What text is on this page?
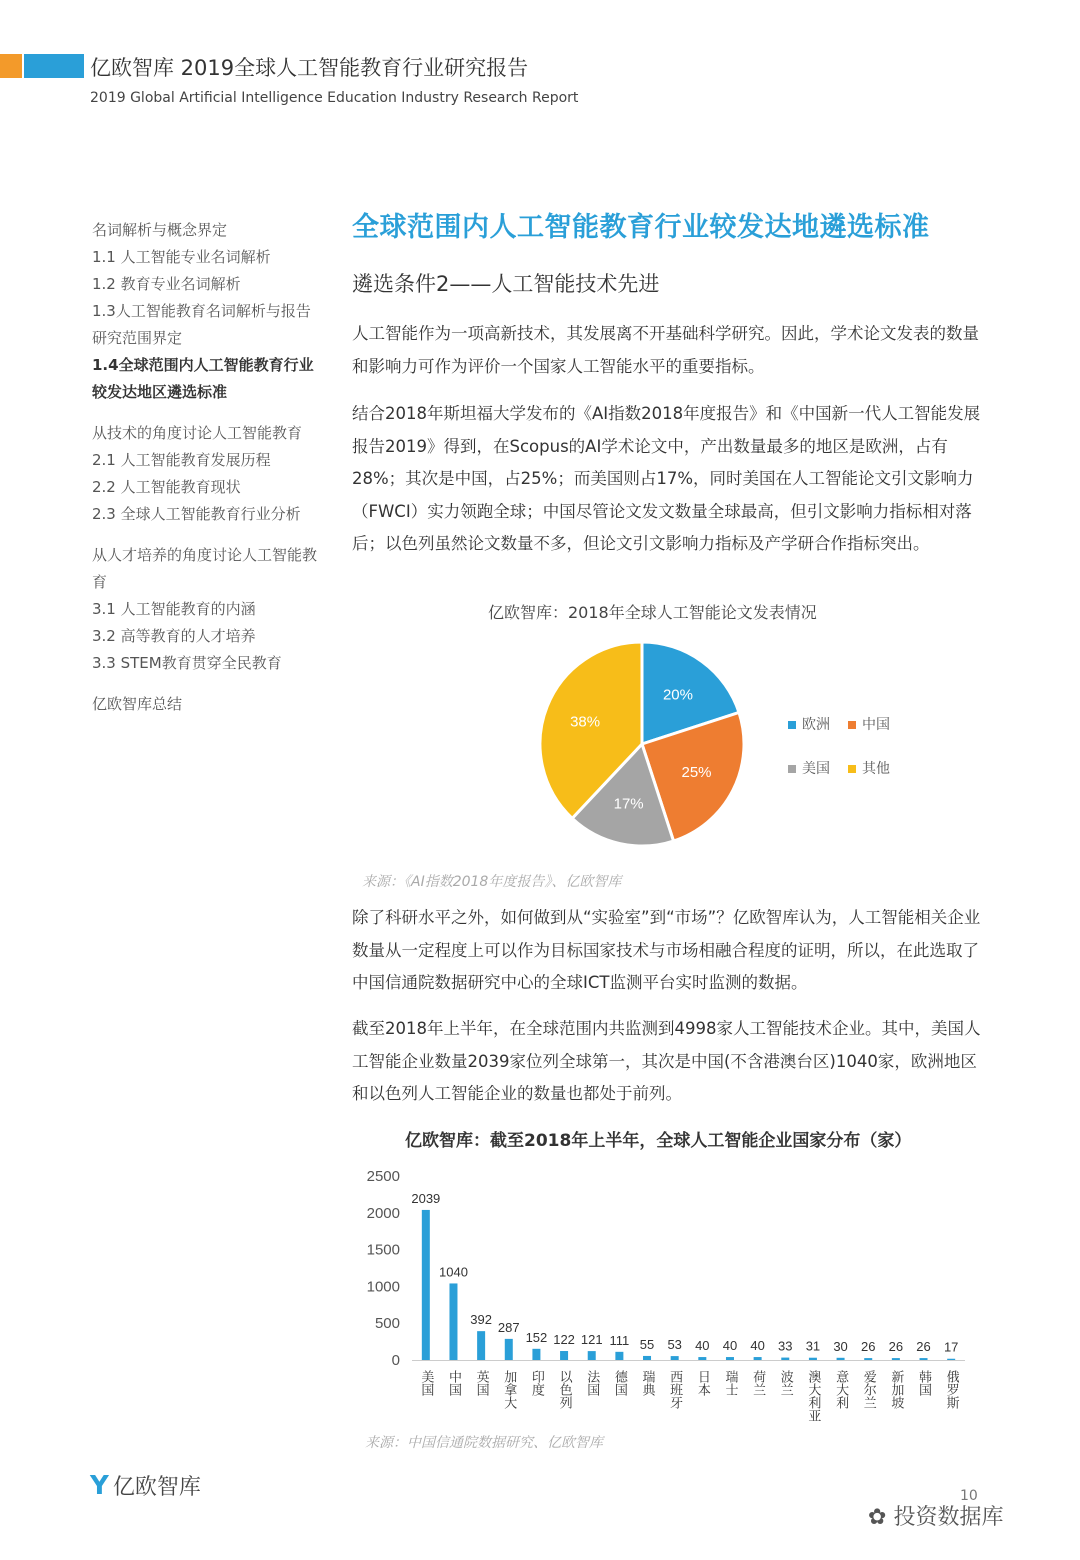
亿欧智库 2019全球人工智能教育行业研究报告
2019 Global Artificial Intelligence Education Industry Research Report
名词解析与概念界定
1.1 人工智能专业名词解析
1.2 教育专业名词解析
1.3人工智能教育名词解析与报告研究范围界定
1.4全球范围内人工智能教育行业较发达地区遴选标准
从技术的角度讨论人工智能教育
2.1 人工智能教育发展历程
2.2 人工智能教育现状
2.3 全球人工智能教育行业分析
从人才培养的角度讨论人工智能教育
3.1 人工智能教育的内涵
3.2 高等教育的人才培养
3.3 STEM教育贯穿全民教育
亿欧智库总结
全球范围内人工智能教育行业较发达地遴选标准
遴选条件2——人工智能技术先进
人工智能作为一项高新技术，其发展离不开基础科学研究。因此，学术论文发表的数量和影响力可作为评价一个国家人工智能水平的重要指标。
结合2018年斯坦福大学发布的《AI指数2018年度报告》和《中国新一代人工智能发展报告2019》得到，在Scopus的AI学术论文中，产出数量最多的地区是欧洲，占有28%；其次是中国，占25%；而美国则占17%，同时美国在人工智能论文引文影响力（FWCI）实力领跑全球；中国尽管论文发文数量全球最高，但引文影响力指标相对落后；以色列虽然论文数量不多，但论文引文影响力指标及产学研合作指标突出。
亿欧智库：2018年全球人工智能论文发表情况
20%
25%
17%
38%	欧洲	中国
美国	其他
来源：《AI指数2018年度报告》、亿欧智库
除了科研水平之外，如何做到从“实验室”到“市场”？亿欧智库认为，人工智能相关企业数量从一定程度上可以作为目标国家技术与市场相融合程度的证明，所以，在此选取了中国信通院数据研究中心的全球ICT监测平台实时监测的数据。
截至2018年上半年，在全球范围内共监测到4998家人工智能技术企业。其中，美国人工智能企业数量2039家位列全球第一，其次是中国(不含港澳台区)1040家，欧洲地区和以色列人工智能企业的数量也都处于前列。
亿欧智库：截至2018年上半年，全球人工智能企业国家分布（家）
0
500
1000
1500
2000
2500
2039
美国
1040
中国
392
英国
287
加拿大
152
印度
122
以色列
121
法国
111
德国
55
瑞典
53
西班牙
40
日本
40
瑞士
40
荷兰
33
波兰
31
澳大利亚
30
意大利
26
爱尔兰
26
新加坡
26
韩国
17
俄罗斯
来源：中国信通院数据研究、亿欧智库
Y 亿欧智库	10
✿ 投资数据库
